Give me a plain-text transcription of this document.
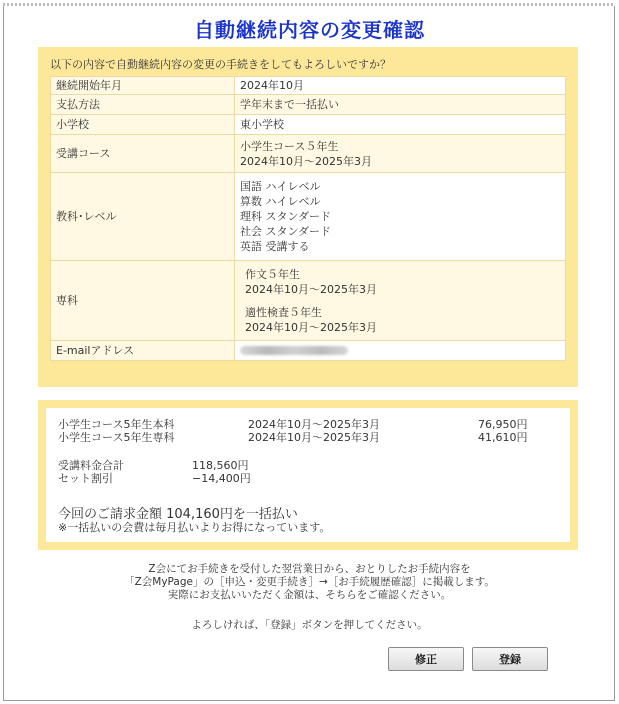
自動継続内容の変更確認
以下の内容で自動継続内容の変更の手続きをしてもよろしいですか？
継続開始年月	2024年10月
支払方法	学年末まで一括払い
小学校	東小学校
受講コース	小学生コース５年生
2024年10月～2025年3月

教科･レベル	国語 ハイレベル
算数 ハイレベル
理科 スタンダード
社会 スタンダード
英語 受講する

専科	作文５年生
2024年10月～2025年3月
適性検査５年生
2024年10月～2025年3月

E-mailアドレス	
小学生コース5年生本科	2024年10月～2025年3月	76,950円
小学生コース5年生専科	2024年10月～2025年3月	41,610円
受講料金合計	118,560円
セット割引	−14,400円
今回のご請求金額 104,160円を一括払い
※一括払いの会費は毎月払いよりお得になっています。
Z会にてお手続きを受付した翌営業日から、おとりしたお手続内容を
「Z会MyPage」の［申込・変更手続き］→［お手続履歴確認］に掲載します。
実際にお支払いいただく金額は、そちらをご確認ください。
よろしければ、「登録」ボタンを押してください。
修正	登録
